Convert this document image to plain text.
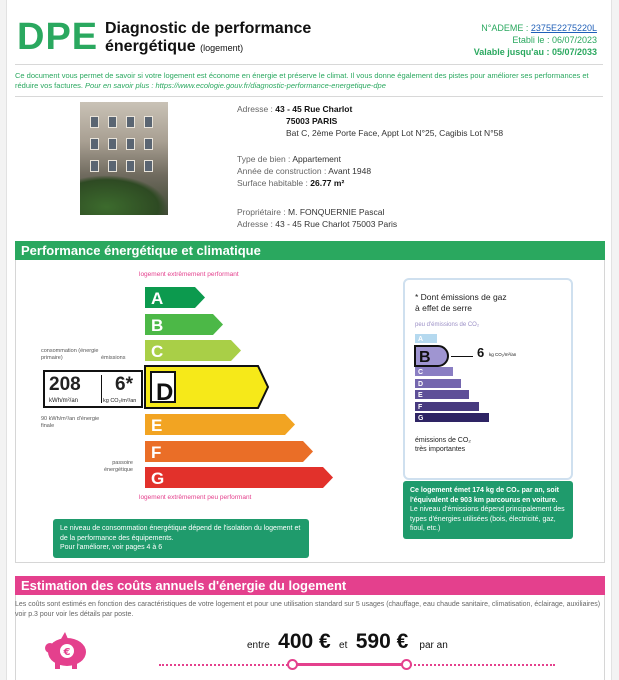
DPE Diagnostic de performance
énergétique (logement)
N°ADEME : 2375E2275220L
Etabli le : 06/07/2023
Valable jusqu'au : 05/07/2033
Ce document vous permet de savoir si votre logement est économe en énergie et préserve le climat. Il vous donne également des pistes pour améliorer ses performances et réduire vos factures. Pour en savoir plus : https://www.ecologie.gouv.fr/diagnostic-performance-energetique-dpe
Adresse : 43 - 45 Rue Charlot
75003 PARIS
Bat C, 2ème Porte Face, Appt Lot N°25, Cagibis Lot N°58
Type de bien : Appartement
Année de construction : Avant 1948
Surface habitable : 26.77 m²
Propriétaire : M. FONQUERNIE Pascal
Adresse : 43 - 45 Rue Charlot 75003 Paris
Performance énergétique et climatique
logement extrêmement performant
A
B
C
D
E
F
G
logement extrêmement peu performant
consommation (énergie primaire)	émissions
208 6*
kWh/m²/an	kg CO₂/m²/an
90 kWh/m²/an d'énergie finale
passoire énergétique
Le niveau de consommation énergétique dépend de l'isolation du logement et de la performance des équipements.
Pour l'améliorer, voir pages 4 à 6
* Dont émissions de gaz
à effet de serre
peu d'émissions de CO₂
A
B	6 kg CO₂/m²/an
C
D
E
F
G
émissions de CO₂
très importantes
Ce logement émet 174 kg de CO₂ par an, soit l'équivalent de 903 km parcourus en voiture.
Le niveau d'émissions dépend principalement des types d'énergies utilisées (bois, électricité, gaz, fioul, etc.)
Estimation des coûts annuels d'énergie du logement
Les coûts sont estimés en fonction des caractéristiques de votre logement et pour une utilisation standard sur 5 usages (chauffage, eau chaude sanitaire, climatisation, éclairage, auxiliaires) voir p.3 pour voir les détails par poste.
€
entre 400 € et 590 € par an
